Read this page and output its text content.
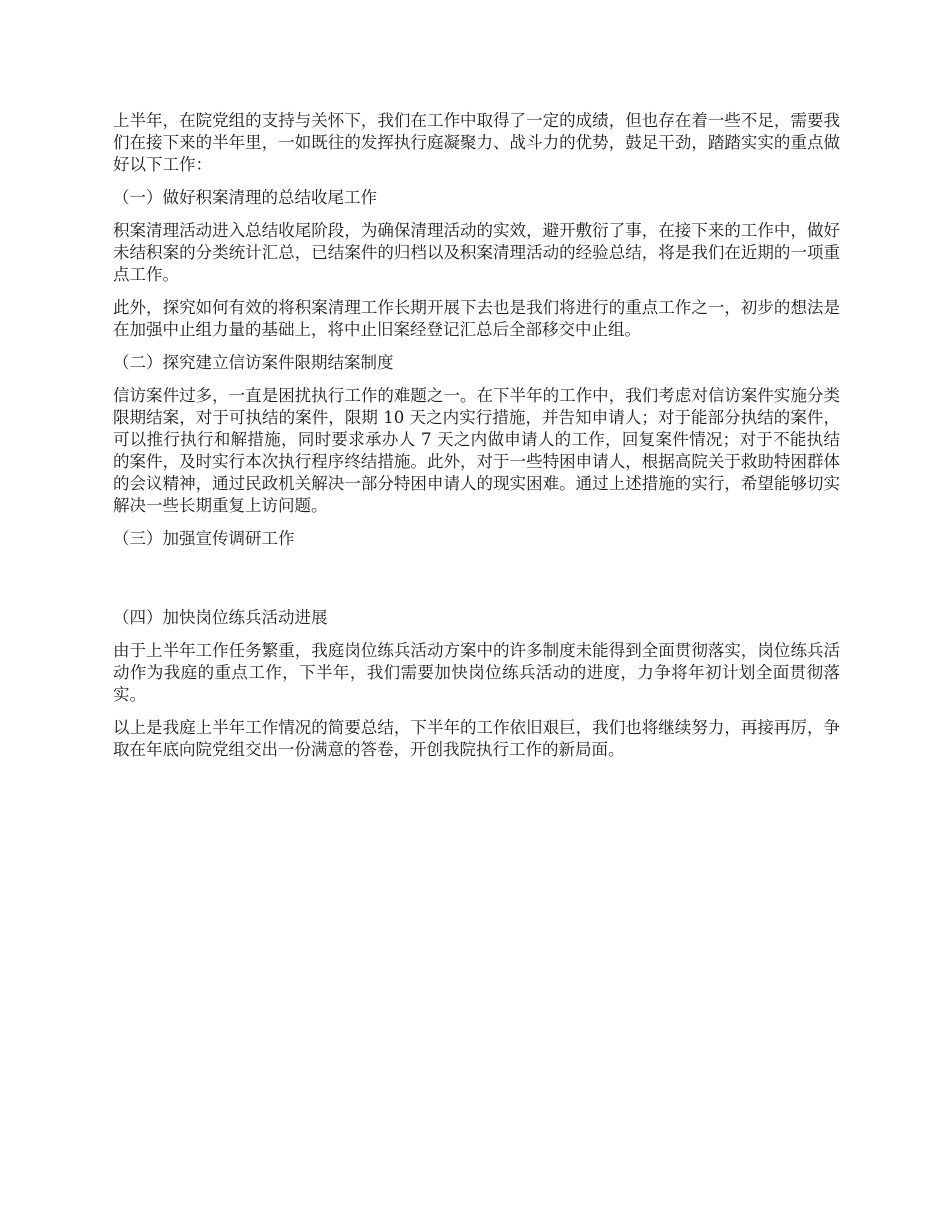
上半年，在院党组的支持与关怀下，我们在工作中取得了一定的成绩，但也存在着一些不足，需要我们在接下来的半年里，一如既往的发挥执行庭凝聚力、战斗力的优势，鼓足干劲，踏踏实实的重点做好以下工作：

（一）做好积案清理的总结收尾工作

积案清理活动进入总结收尾阶段，为确保清理活动的实效，避开敷衍了事，在接下来的工作中，做好未结积案的分类统计汇总，已结案件的归档以及积案清理活动的经验总结，将是我们在近期的一项重点工作。

此外，探究如何有效的将积案清理工作长期开展下去也是我们将进行的重点工作之一，初步的想法是在加强中止组力量的基础上，将中止旧案经登记汇总后全部移交中止组。

（二）探究建立信访案件限期结案制度

信访案件过多，一直是困扰执行工作的难题之一。在下半年的工作中，我们考虑对信访案件实施分类限期结案，对于可执结的案件，限期 10 天之内实行措施，并告知申请人；对于能部分执结的案件，可以推行执行和解措施，同时要求承办人 7 天之内做申请人的工作，回复案件情况；对于不能执结的案件，及时实行本次执行程序终结措施。此外，对于一些特困申请人，根据高院关于救助特困群体的会议精神，通过民政机关解决一部分特困申请人的现实困难。通过上述措施的实行，希望能够切实解决一些长期重复上访问题。

（三）加强宣传调研工作

（四）加快岗位练兵活动进展

由于上半年工作任务繁重，我庭岗位练兵活动方案中的许多制度未能得到全面贯彻落实，岗位练兵活动作为我庭的重点工作，下半年，我们需要加快岗位练兵活动的进度，力争将年初计划全面贯彻落实。

以上是我庭上半年工作情况的简要总结，下半年的工作依旧艰巨，我们也将继续努力，再接再厉，争取在年底向院党组交出一份满意的答卷，开创我院执行工作的新局面。
